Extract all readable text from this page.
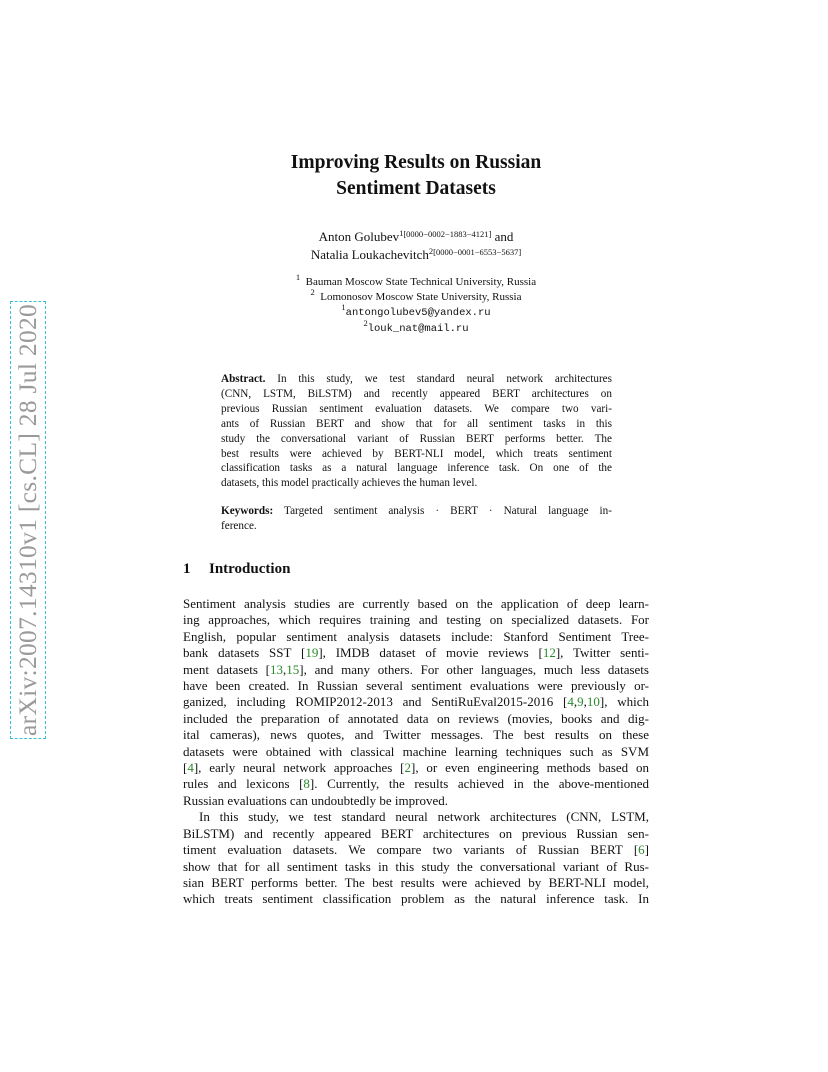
arXiv:2007.14310v1 [cs.CL] 28 Jul 2020
Improving Results on Russian
Sentiment Datasets
Anton Golubev$^{1[0000-0002-1883-4121]}$ and
Natalia Loukachevitch$^{2[0000-0001-6553-5637]}$
$^1$ Bauman Moscow State Technical University, Russia
$^2$ Lomonosov Moscow State University, Russia
$^1$antongolubev5@yandex.ru
$^2$louk_nat@mail.ru
Abstract. In this study, we test standard neural network architectures
(CNN, LSTM, BiLSTM) and recently appeared BERT architectures on
previous Russian sentiment evaluation datasets. We compare two vari-
ants of Russian BERT and show that for all sentiment tasks in this
study the conversational variant of Russian BERT performs better. The
best results were achieved by BERT-NLI model, which treats sentiment
classification tasks as a natural language inference task. On one of the
datasets, this model practically achieves the human level.
Keywords: Targeted sentiment analysis · BERT · Natural language in-
ference.
1 Introduction
Sentiment analysis studies are currently based on the application of deep learn-
ing approaches, which requires training and testing on specialized datasets. For
English, popular sentiment analysis datasets include: Stanford Sentiment Tree-
bank datasets SST [19], IMDB dataset of movie reviews [12], Twitter senti-
ment datasets [13,15], and many others. For other languages, much less datasets
have been created. In Russian several sentiment evaluations were previously or-
ganized, including ROMIP2012-2013 and SentiRuEval2015-2016 [4,9,10], which
included the preparation of annotated data on reviews (movies, books and dig-
ital cameras), news quotes, and Twitter messages. The best results on these
datasets were obtained with classical machine learning techniques such as SVM
[4], early neural network approaches [2], or even engineering methods based on
rules and lexicons [8]. Currently, the results achieved in the above-mentioned
Russian evaluations can undoubtedly be improved.
In this study, we test standard neural network architectures (CNN, LSTM,
BiLSTM) and recently appeared BERT architectures on previous Russian sen-
timent evaluation datasets. We compare two variants of Russian BERT [6]
show that for all sentiment tasks in this study the conversational variant of Rus-
sian BERT performs better. The best results were achieved by BERT-NLI model,
which treats sentiment classification problem as the natural inference task. In
